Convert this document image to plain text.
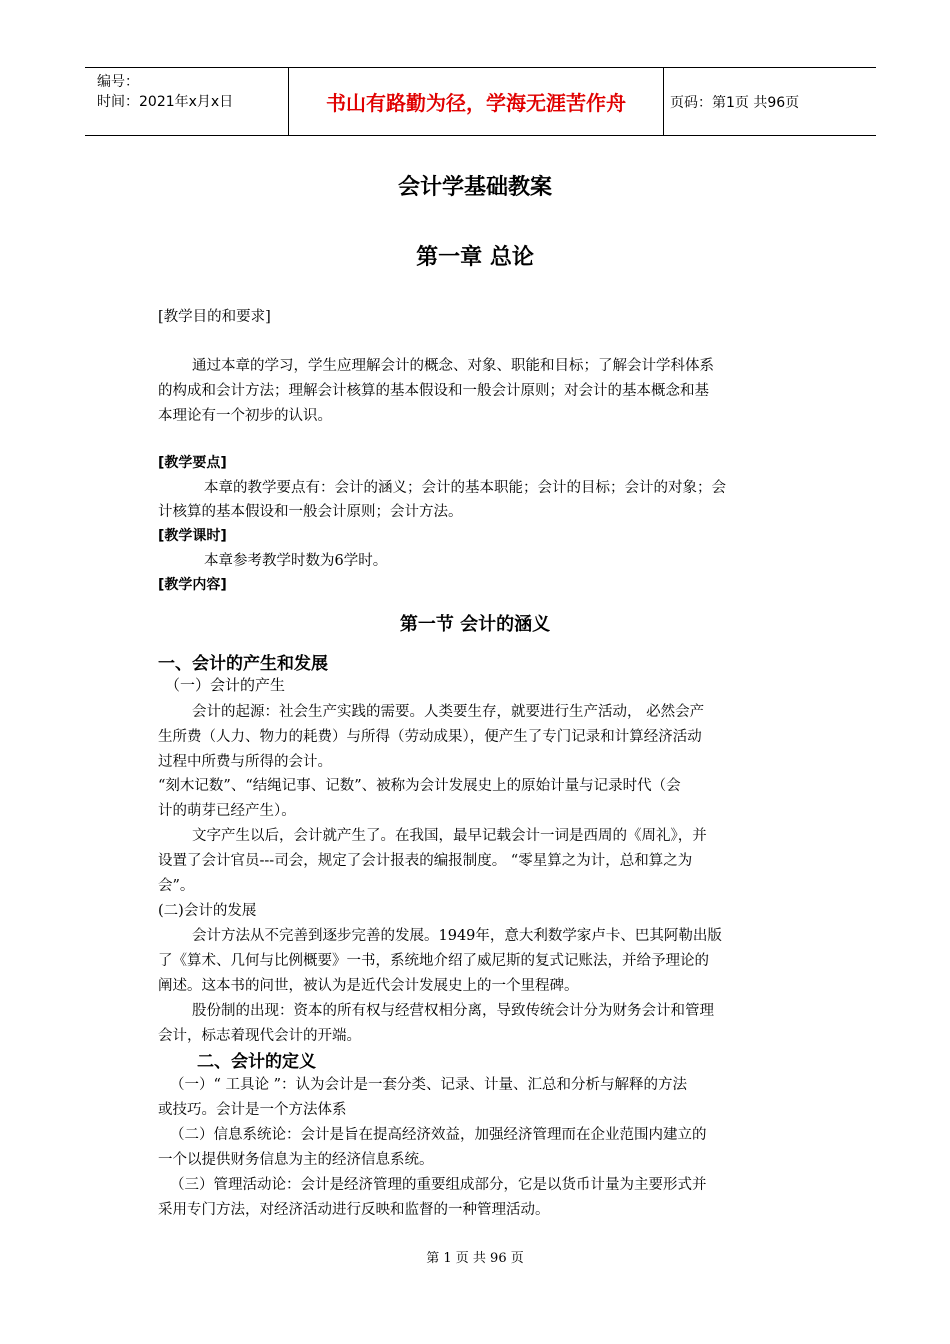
编号：
时间：2021年x月x日	书山有路勤为径，学海无涯苦作舟	页码：第1页 共96页
会计学基础教案
第一章 总论
[教学目的和要求]
通过本章的学习，学生应理解会计的概念、对象、职能和目标；了解会计学科体系
的构成和会计方法；理解会计核算的基本假设和一般会计原则；对会计的基本概念和基
本理论有一个初步的认识。
[教学要点]
本章的教学要点有：会计的涵义；会计的基本职能；会计的目标；会计的对象；会
计核算的基本假设和一般会计原则；会计方法。
[教学课时]
本章参考教学时数为6学时。
[教学内容]
第一节 会计的涵义
一、会计的产生和发展
（一）会计的产生
会计的起源：社会生产实践的需要。人类要生存，就要进行生产活动， 必然会产
生所费（人力、物力的耗费）与所得（劳动成果），便产生了专门记录和计算经济活动
过程中所费与所得的会计。
“刻木记数”、“结绳记事、记数”、被称为会计发展史上的原始计量与记录时代（会
计的萌芽已经产生）。
文字产生以后，会计就产生了。在我国，最早记载会计一词是西周的《周礼》，并
设置了会计官员---司会，规定了会计报表的编报制度。 “零星算之为计，总和算之为
会”。
(二)会计的发展
会计方法从不完善到逐步完善的发展。1949年，意大利数学家卢卡、巴其阿勒出版
了《算术、几何与比例概要》一书，系统地介绍了威尼斯的复式记账法，并给予理论的
阐述。这本书的问世，被认为是近代会计发展史上的一个里程碑。
股份制的出现：资本的所有权与经营权相分离，导致传统会计分为财务会计和管理
会计，标志着现代会计的开端。
二、会计的定义
（一）“ 工具论 ”：认为会计是一套分类、记录、计量、汇总和分析与解释的方法
或技巧。会计是一个方法体系
（二）信息系统论：会计是旨在提高经济效益，加强经济管理而在企业范围内建立的
一个以提供财务信息为主的经济信息系统。
（三）管理活动论：会计是经济管理的重要组成部分，它是以货币计量为主要形式并
采用专门方法，对经济活动进行反映和监督的一种管理活动。
第 1 页 共 96 页
